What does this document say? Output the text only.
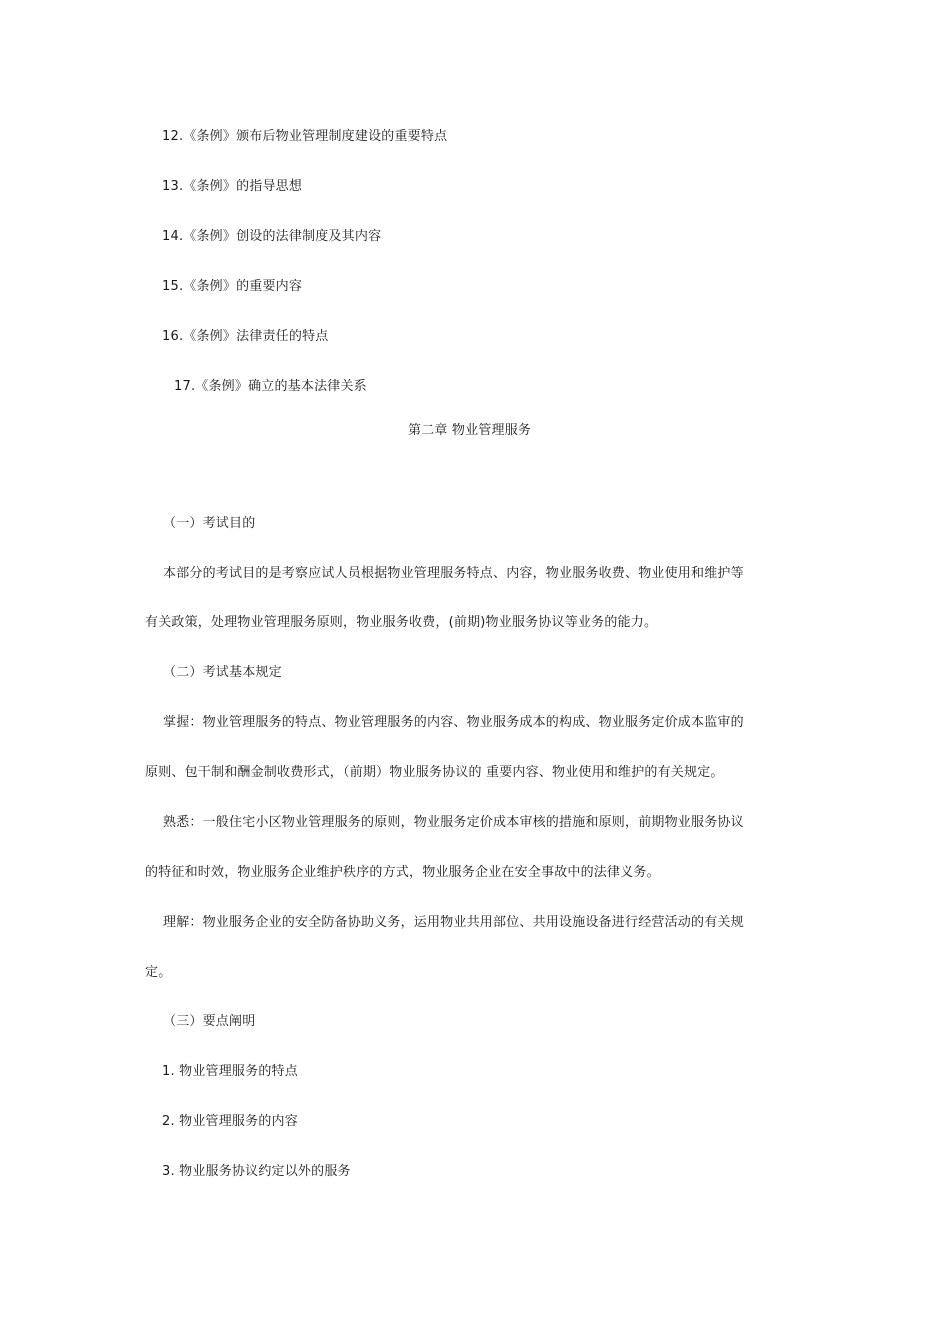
12.《条例》颁布后物业管理制度建设的重要特点
13.《条例》的指导思想
14.《条例》创设的法律制度及其内容
15.《条例》的重要内容
16.《条例》法律责任的特点
17.《条例》确立的基本法律关系
第二章 物业管理服务
（一）考试目的
本部分的考试目的是考察应试人员根据物业管理服务特点、内容，物业服务收费、物业使用和维护等
有关政策，处理物业管理服务原则，物业服务收费，(前期)物业服务协议等业务的能力。
（二）考试基本规定
掌握：物业管理服务的特点、物业管理服务的内容、物业服务成本的构成、物业服务定价成本监审的
原则、包干制和酬金制收费形式，（前期）物业服务协议的 重要内容、物业使用和维护的有关规定。
熟悉：一般住宅小区物业管理服务的原则，物业服务定价成本审核的措施和原则，前期物业服务协议
的特征和时效，物业服务企业维护秩序的方式，物业服务企业在安全事故中的法律义务。
理解：物业服务企业的安全防备协助义务，运用物业共用部位、共用设施设备进行经营活动的有关规
定。
（三）要点阐明
1. 物业管理服务的特点
2. 物业管理服务的内容
3. 物业服务协议约定以外的服务
